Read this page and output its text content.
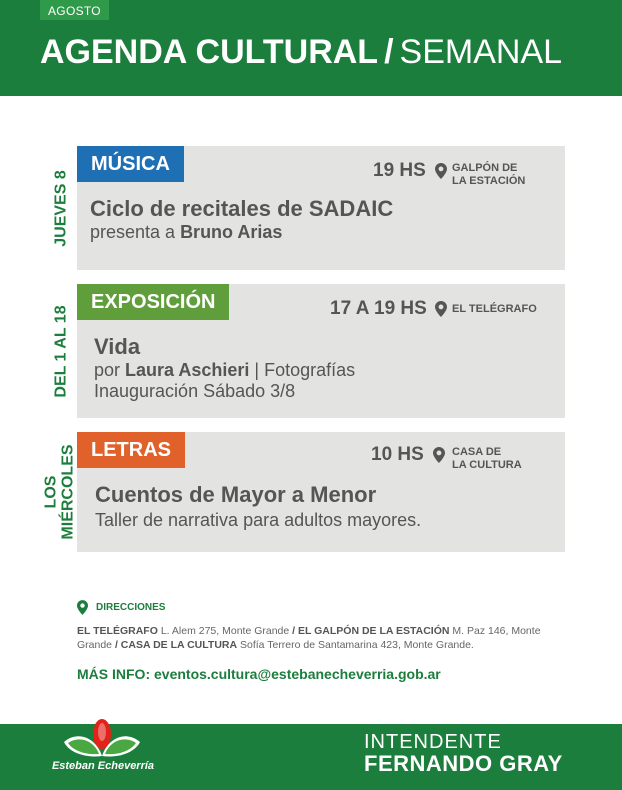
AGOSTO
AGENDA CULTURAL / SEMANAL
JUEVES 8
MÚSICA	19 HS GALPÓN DE
LA ESTACIÓN
Ciclo de recitales de SADAIC
presenta a Bruno Arias
DEL 1 AL 18
EXPOSICIÓN	17 A 19 HS EL TELÉGRAFO
Vida
por Laura Aschieri | Fotografías
Inauguración Sábado 3/8
LOS MIÉRCOLES LETRAS	10 HS	CASA DE
LA CULTURA
Cuentos de Mayor a Menor
Taller de narrativa para adultos mayores.
DIRECCIONES
EL TELÉGRAFO L. Alem 275, Monte Grande / EL GALPÓN DE LA ESTACIÓN M. Paz 146, Monte Grande / CASA DE LA CULTURA Sofía Terrero de Santamarina 423, Monte Grande.
MÁS INFO: eventos.cultura@estebanecheverria.gob.ar
Esteban Echeverría
INTENDENTE
FERNANDO GRAY
